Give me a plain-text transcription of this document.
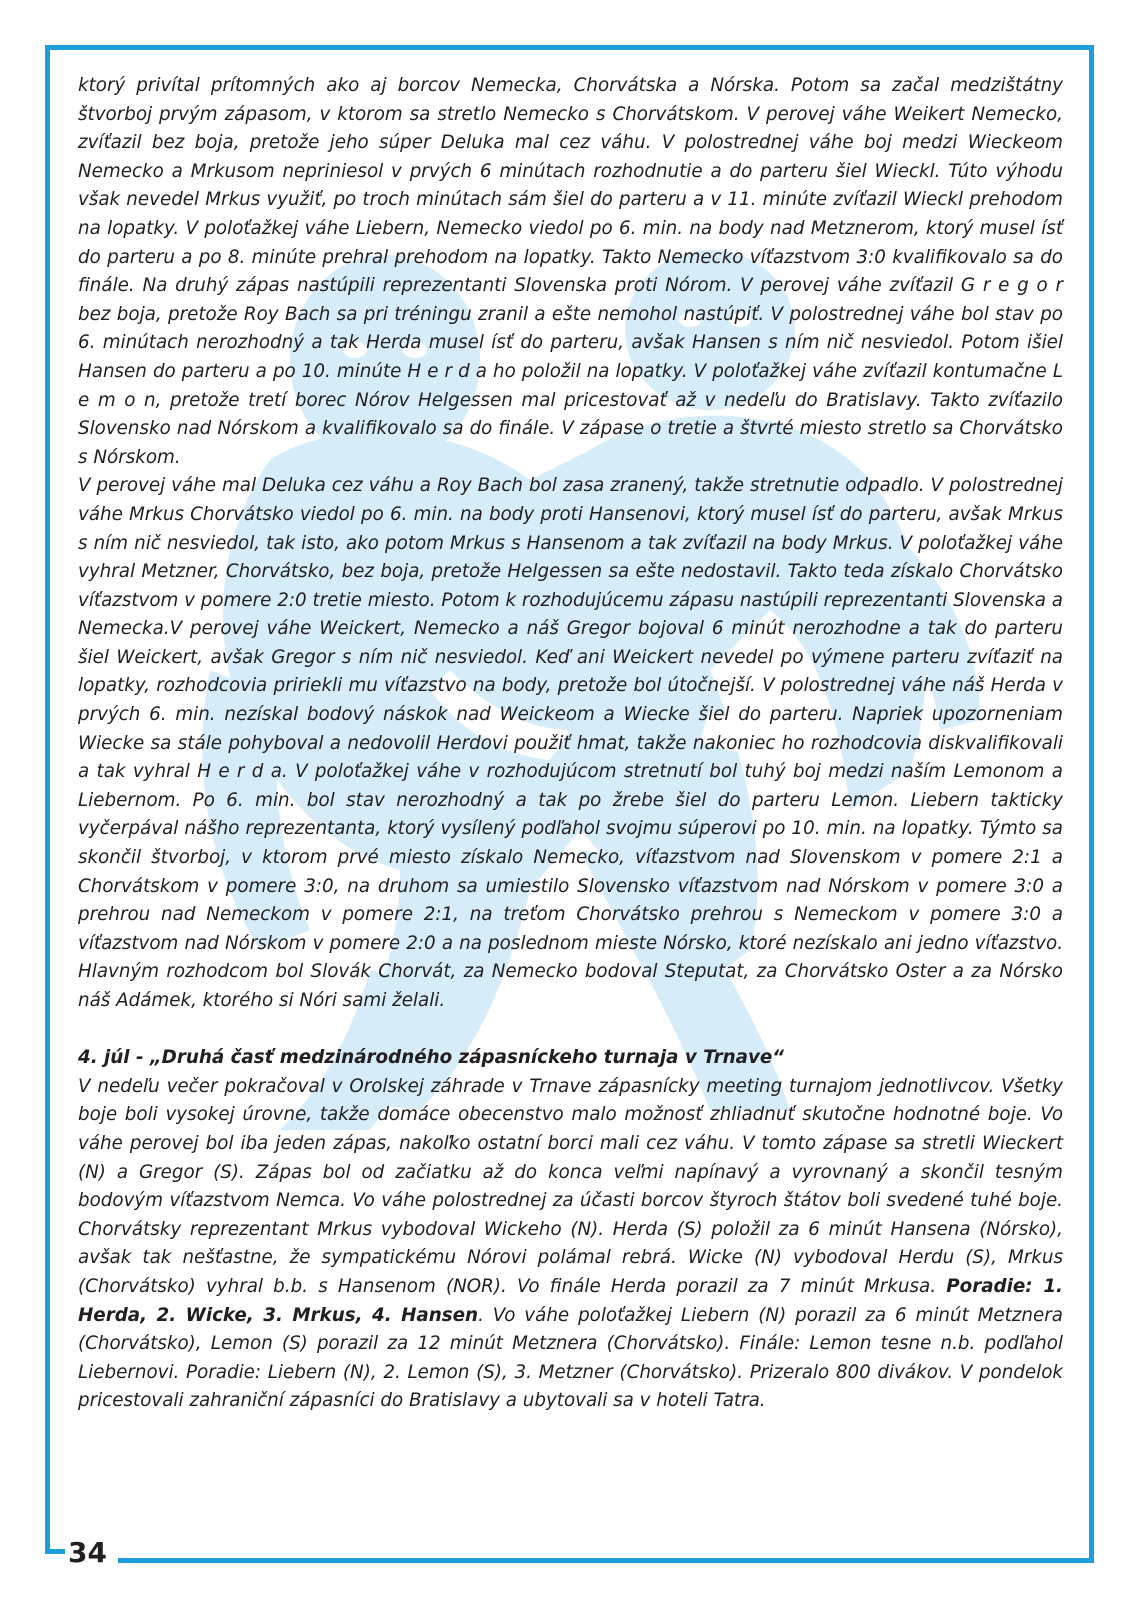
ktorý privítal prítomných ako aj borcov Nemecka, Chorvátska a Nórska. Potom sa začal medzištátny štvorboj prvým zápasom, v ktorom sa stretlo Nemecko s Chorvátskom. V perovej váhe Weikert Nemecko, zvíťazil bez boja, pretože jeho súper Deluka mal cez váhu. V polostrednej váhe boj medzi Wieckeom Nemecko a Mrkusom nepriniesol v prvých 6 minútach rozhodnutie a do parteru šiel Wieckl. Túto výhodu však nevedel Mrkus využiť, po troch minútach sám šiel do parteru a v 11. minúte zvíťazil Wieckl prehodom na lopatky. V poloťažkej váhe Liebern, Nemecko viedol po 6. min. na body nad Metznerom, ktorý musel ísť do parteru a po 8. minúte prehral prehodom na lopatky. Takto Nemecko víťazstvom 3:0 kvalifikovalo sa do finále. Na druhý zápas nastúpili reprezentanti Slovenska proti Nórom. V perovej váhe zvíťazil G r e g o r bez boja, pretože Roy Bach sa pri tréningu zranil a ešte nemohol nastúpiť. V polostrednej váhe bol stav po 6. minútach nerozhodný a tak Herda musel ísť do parteru, avšak Hansen s ním nič nesviedol. Potom išiel Hansen do parteru a po 10. minúte H e r d a ho položil na lopatky. V poloťažkej váhe zvíťazil kontumačne L e m o n, pretože tretí borec Nórov Helgessen mal pricestovať až v nedeľu do Bratislavy. Takto zvíťazilo Slovensko nad Nórskom a kvalifikovalo sa do finále. V zápase o tretie a štvrté miesto stretlo sa Chorvátsko s Nórskom.

V perovej váhe mal Deluka cez váhu a Roy Bach bol zasa zranený, takže stretnutie odpadlo. V polostrednej váhe Mrkus Chorvátsko viedol po 6. min. na body proti Hansenovi, ktorý musel ísť do parteru, avšak Mrkus s ním nič nesviedol, tak isto, ako potom Mrkus s Hansenom a tak zvíťazil na body Mrkus. V poloťažkej váhe vyhral Metzner, Chorvátsko, bez boja, pretože Helgessen sa ešte nedostavil. Takto teda získalo Chorvátsko víťazstvom v pomere 2:0 tretie miesto. Potom k rozhodujúcemu zápasu nastúpili reprezentanti Slovenska a Nemecka.V perovej váhe Weickert, Nemecko a náš Gregor bojoval 6 minút nerozhodne a tak do parteru šiel Weickert, avšak Gregor s ním nič nesviedol. Keď ani Weickert nevedel po výmene parteru zvíťaziť na lopatky, rozhodcovia pririekli mu víťazstvo na body, pretože bol útočnejší. V polostrednej váhe náš Herda v prvých 6. min. nezískal bodový náskok nad Weickeom a Wiecke šiel do parteru. Napriek upozorneniam Wiecke sa stále pohyboval a nedovolil Herdovi použiť hmat, takže nakoniec ho rozhodcovia diskvalifikovali a tak vyhral H e r d a. V poloťažkej váhe v rozhodujúcom stretnutí bol tuhý boj medzi naším Lemonom a Liebernom. Po 6. min. bol stav nerozhodný a tak po žrebe šiel do parteru Lemon. Liebern takticky vyčerpával nášho reprezentanta, ktorý vysílený podľahol svojmu súperovi po 10. min. na lopatky. Týmto sa skončil štvorboj, v ktorom prvé miesto získalo Nemecko, víťazstvom nad Slovenskom v pomere 2:1 a Chorvátskom v pomere 3:0, na druhom sa umiestilo Slovensko víťazstvom nad Nórskom v pomere 3:0 a prehrou nad Nemeckom v pomere 2:1, na treťom Chorvátsko prehrou s Nemeckom v pomere 3:0 a víťazstvom nad Nórskom v pomere 2:0 a na poslednom mieste Nórsko, ktoré nezískalo ani jedno víťazstvo. Hlavným rozhodcom bol Slovák Chorvát, za Nemecko bodoval Steputat, za Chorvátsko Oster a za Nórsko náš Adámek, ktorého si Nóri sami želali.

4. júl - „Druhá časť medzinárodného zápasníckeho turnaja v Trnave“

V nedeľu večer pokračoval v Orolskej záhrade v Trnave zápasnícky meeting turnajom jednotlivcov. Všetky boje boli vysokej úrovne, takže domáce obecenstvo malo možnosť zhliadnuť skutočne hodnotné boje. Vo váhe perovej bol iba jeden zápas, nakoľko ostatní borci mali cez váhu. V tomto zápase sa stretli Wieckert (N) a Gregor (S). Zápas bol od začiatku až do konca veľmi napínavý a vyrovnaný a skončil tesným bodovým víťazstvom Nemca. Vo váhe polostrednej za účasti borcov štyroch štátov boli svedené tuhé boje. Chorvátsky reprezentant Mrkus vybodoval Wickeho (N). Herda (S) položil za 6 minút Hansena (Nórsko), avšak tak nešťastne, že sympatickému Nórovi polámal rebrá. Wicke (N) vybodoval Herdu (S), Mrkus (Chorvátsko) vyhral b.b. s Hansenom (NOR). Vo finále Herda porazil za 7 minút Mrkusa. Poradie: 1. Herda, 2. Wicke, 3. Mrkus, 4. Hansen. Vo váhe poloťažkej Liebern (N) porazil za 6 minút Metznera (Chorvátsko), Lemon (S) porazil za 12 minút Metznera (Chorvátsko). Finále: Lemon tesne n.b. podľahol Liebernovi. Poradie: Liebern (N), 2. Lemon (S), 3. Metzner (Chorvátsko). Prizeralo 800 divákov. V pondelok pricestovali zahraniční zápasníci do Bratislavy a ubytovali sa v hoteli Tatra.

34
